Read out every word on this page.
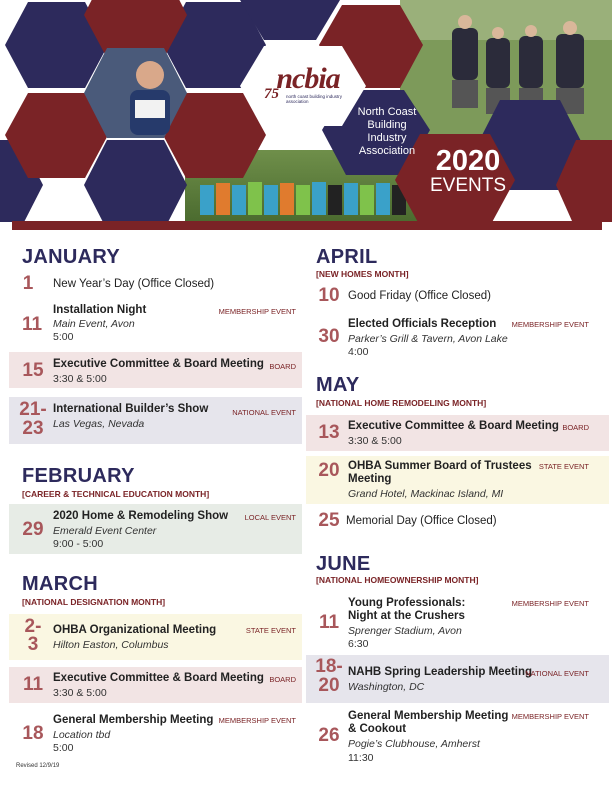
ncbia
75 north coast building industry association
North Coast
Building
Industry
Association 2020
EVENTS
JANUARY
1	New Year’s Day (Office Closed)
11
Installation Night
Main Event, Avon
5:00
MEMBERSHIP EVENT
15 Executive Committee & Board Meeting
3:30 & 5:00
BOARD
21-
23
International Builder’s Show
Las Vegas, Nevada
NATIONAL EVENT
FEBRUARY
[CAREER & TECHNICAL EDUCATION MONTH]
29
2020 Home & Remodeling Show
Emerald Event Center
9:00 - 5:00
LOCAL EVENT
MARCH
[NATIONAL DESIGNATION MONTH]
2-
3
OHBA Organizational Meeting
Hilton Easton, Columbus
STATE EVENT
11 Executive Committee & Board Meeting
3:30 & 5:00
BOARD
18
General Membership Meeting
Location tbd
5:00
MEMBERSHIP EVENT
APRIL
[NEW HOMES MONTH]
10 Good Friday (Office Closed)
30
Elected Officials Reception
Parker’s Grill & Tavern, Avon Lake
4:00
MEMBERSHIP EVENT
MAY
[NATIONAL HOME REMODELING MONTH]
13 Executive Committee & Board Meeting
3:30 & 5:00
BOARD
20 OHBA Summer Board of Trustees
Meeting
Grand Hotel, Mackinac Island, MI
STATE EVENT
25 Memorial Day (Office Closed)
JUNE
[NATIONAL HOMEOWNERSHIP MONTH]
11
Young Professionals:
Night at the Crushers
Sprenger Stadium, Avon
6:30
MEMBERSHIP EVENT
18-
20
NAHB Spring Leadership Meeting
Washington, DC
NATIONAL EVENT
26
General Membership Meeting
& Cookout
Pogie’s Clubhouse, Amherst
11:30
MEMBERSHIP EVENT
Revised 12/9/19
